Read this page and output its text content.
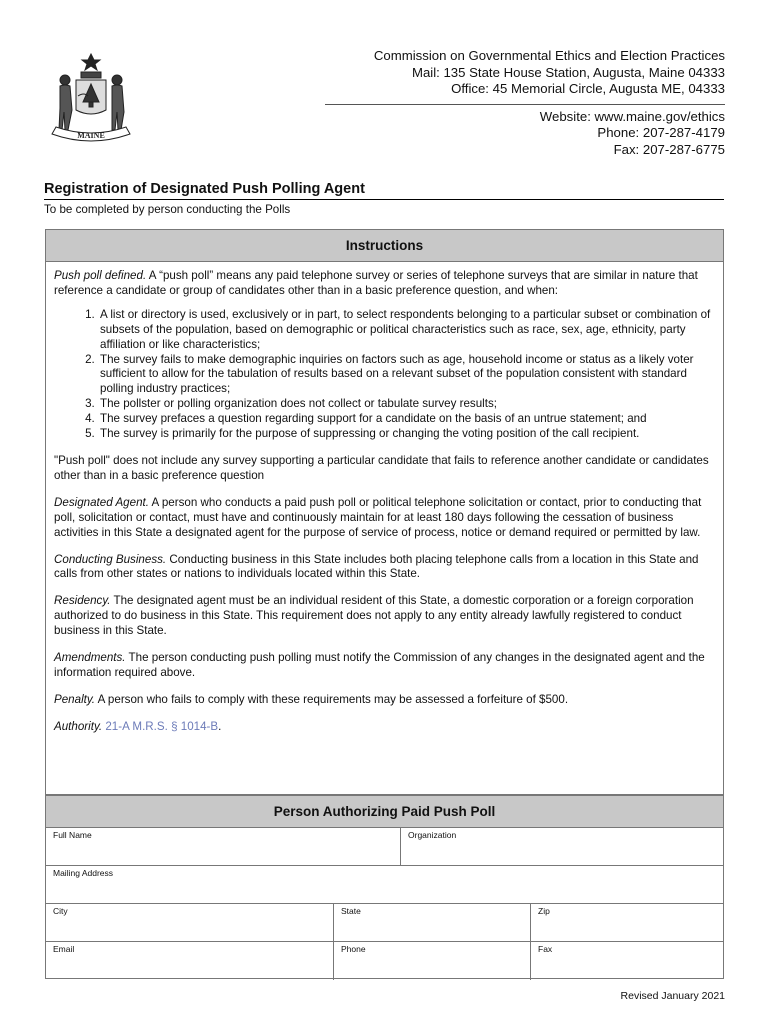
MAINE
Commission on Governmental Ethics and Election Practices
Mail: 135 State House Station, Augusta, Maine 04333
Office: 45 Memorial Circle, Augusta ME, 04333
Website: www.maine.gov/ethics
Phone: 207-287-4179
Fax: 207-287-6775
Registration of Designated Push Polling Agent
To be completed by person conducting the Polls
Instructions

Push poll defined. A “push poll” means any paid telephone survey or series of telephone surveys that are similar in nature that reference a candidate or group of candidates other than in a basic preference question, and when:

1. A list or directory is used, exclusively or in part, to select respondents belonging to a particular subset or combination of subsets of the population, based on demographic or political characteristics such as race, sex, age, ethnicity, party affiliation or like characteristics;
2. The survey fails to make demographic inquiries on factors such as age, household income or status as a likely voter sufficient to allow for the tabulation of results based on a relevant subset of the population consistent with standard polling industry practices;
3. The pollster or polling organization does not collect or tabulate survey results;
4. The survey prefaces a question regarding support for a candidate on the basis of an untrue statement; and
5. The survey is primarily for the purpose of suppressing or changing the voting position of the call recipient.

"Push poll" does not include any survey supporting a particular candidate that fails to reference another candidate or candidates other than in a basic preference question

Designated Agent. A person who conducts a paid push poll or political telephone solicitation or contact, prior to conducting that poll, solicitation or contact, must have and continuously maintain for at least 180 days following the cessation of business activities in this State a designated agent for the purpose of service of process, notice or demand required or permitted by law.

Conducting Business. Conducting business in this State includes both placing telephone calls from a location in this State and calls from other states or nations to individuals located within this State.

Residency. The designated agent must be an individual resident of this State, a domestic corporation or a foreign corporation authorized to do business in this State. This requirement does not apply to any entity already lawfully registered to conduct business in this State.

Amendments. The person conducting push polling must notify the Commission of any changes in the designated agent and the information required above.

Penalty. A person who fails to comply with these requirements may be assessed a forfeiture of $500.

Authority. 21-A M.R.S. § 1014-B.

Person Authorizing Paid Push Poll
Full Name	Organization
Mailing Address
City	State	Zip
Email	Phone	Fax
Revised January 2021
